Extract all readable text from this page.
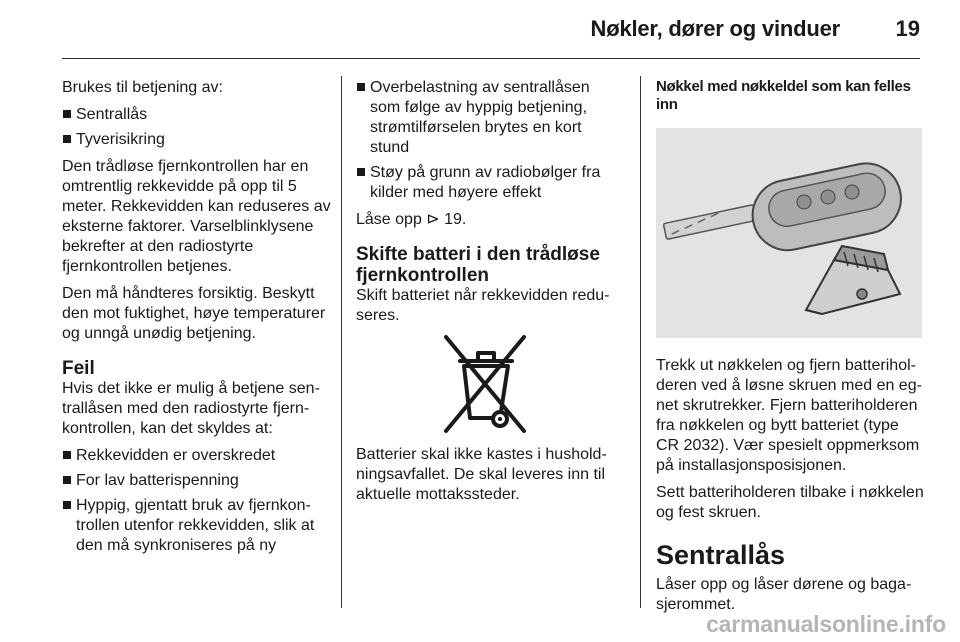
Nøkler, dører og vinduer	19

Brukes til betjening av:

Sentrallås
Tyverisikring

Den trådløse fjernkontrollen har en omtrentlig rekkevidde på opp til 5 meter. Rekkevidden kan reduseres av eksterne faktorer. Varselblinklysene bekrefter at den radiostyrte fjernkontrollen betjenes.

Den må håndteres forsiktig. Beskytt den mot fuktighet, høye temperaturer og unngå unødig betjening.

Feil

Hvis det ikke er mulig å betjene sentrallåsen med den radiostyrte fjernkontrollen, kan det skyldes at:

Rekkevidden er overskredet
For lav batterispenning
Hyppig, gjentatt bruk av fjernkontrollen utenfor rekkevidden, slik at den må synkroniseres på ny
Overbelastning av sentrallåsen som følge av hyppig betjening, strømtilførselen brytes en kort stund
Støy på grunn av radiobølger fra kilder med høyere effekt

Låse opp ⊳ 19.

Skifte batteri i den trådløse fjernkontrollen

Skift batteriet når rekkevidden reduseres.

Batterier skal ikke kastes i husholdningsavfallet. De skal leveres inn til aktuelle mottakssteder.

Nøkkel med nøkkeldel som kan felles inn

Trekk ut nøkkelen og fjern batteriholderen ved å løsne skruen med en egnet skrutrekker. Fjern batteriholderen fra nøkkelen og bytt batteriet (type CR 2032). Vær spesielt oppmerksom på installasjonsposisjonen.

Sett batteriholderen tilbake i nøkkelen og fest skruen.

Sentrallås

Låser opp og låser dørene og bagasjerommet.

carmanualsonline.info
